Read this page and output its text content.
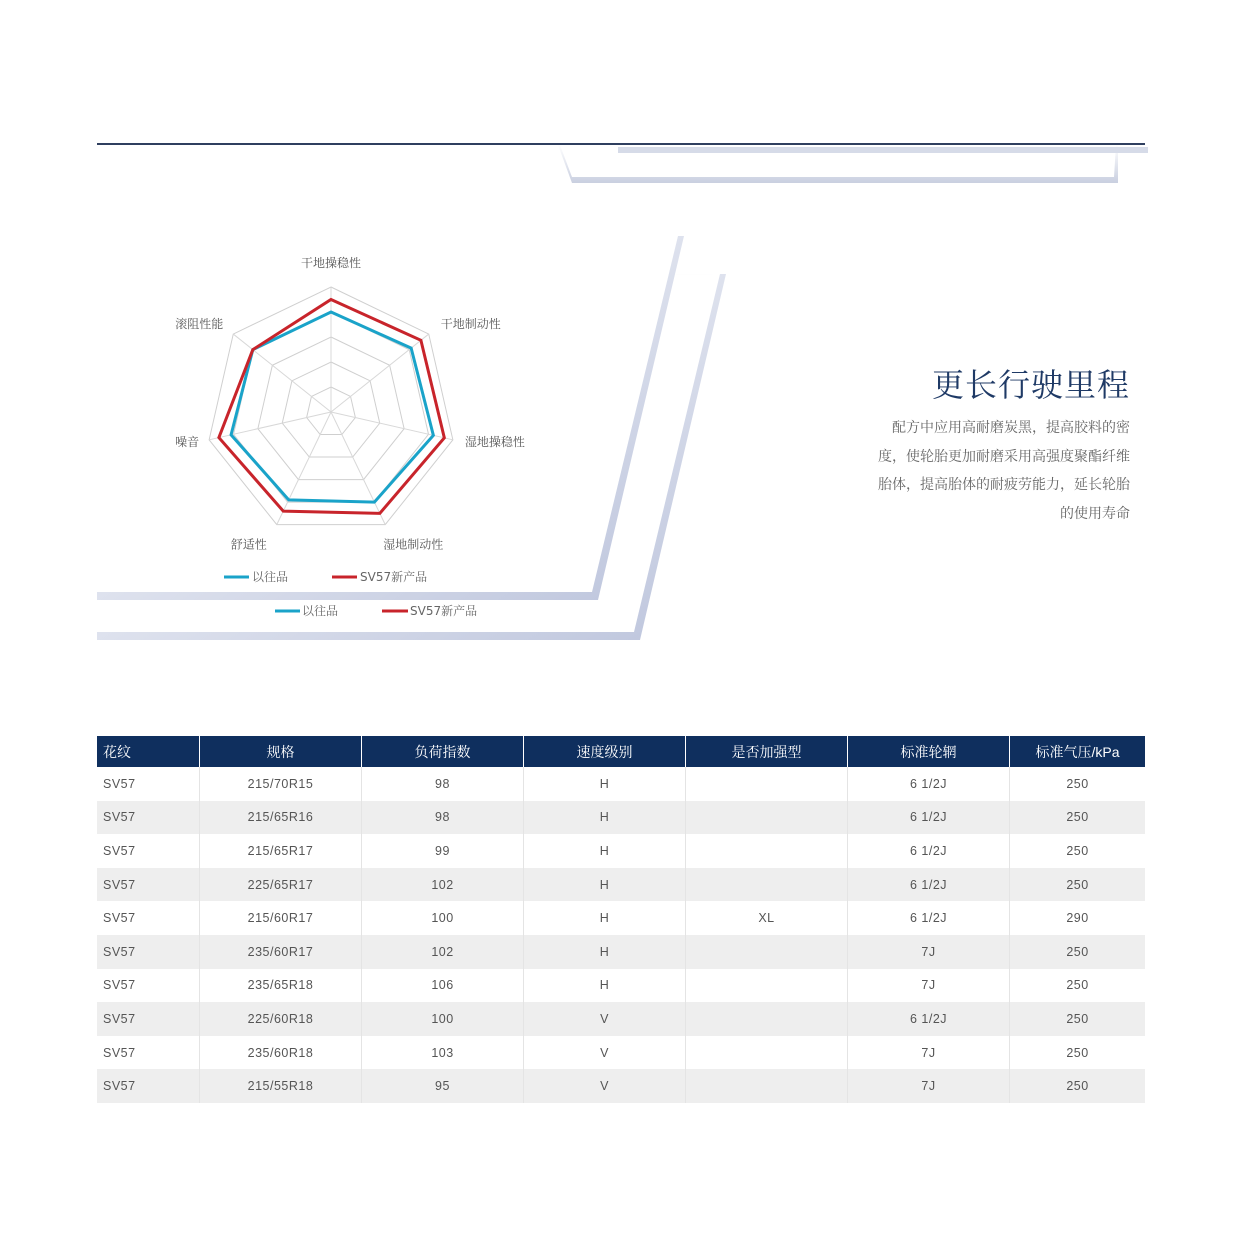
以往品	SV57新产品
干地操稳性
干地制动性
湿地操稳性
湿地制动性
舒适性
噪音
滚阻性能
以往品	SV57新产品
更长行驶里程

配方中应用高耐磨炭黑，提高胶料的密

度，使轮胎更加耐磨采用高强度聚酯纤维

胎体，提高胎体的耐疲劳能力，延长轮胎

的使用寿命

花纹	规格	负荷指数	速度级别	是否加强型	标准轮辋	标准气压/kPa
SV57	215/70R15	98	H		6 1/2J	250
SV57	215/65R16	98	H		6 1/2J	250
SV57	215/65R17	99	H		6 1/2J	250
SV57	225/65R17	102	H		6 1/2J	250
SV57	215/60R17	100	H	XL	6 1/2J	290
SV57	235/60R17	102	H		7J	250
SV57	235/65R18	106	H		7J	250
SV57	225/60R18	100	V		6 1/2J	250
SV57	235/60R18	103	V		7J	250
SV57	215/55R18	95	V		7J	250
